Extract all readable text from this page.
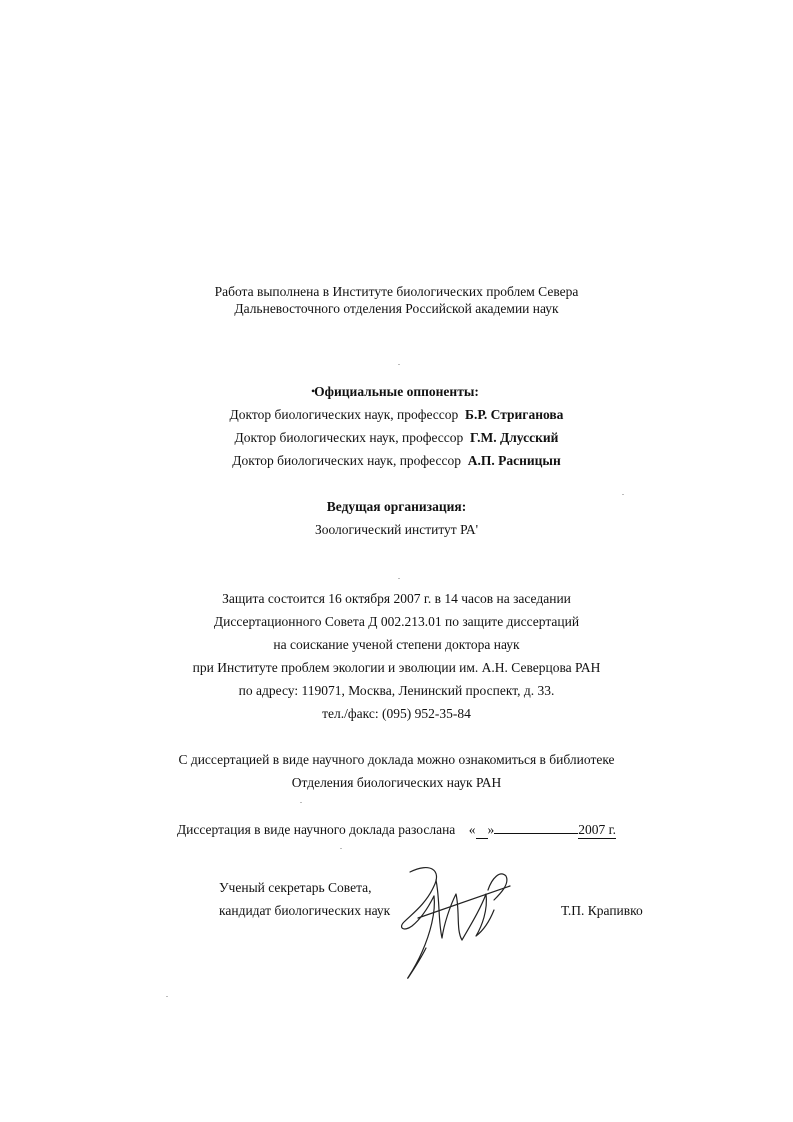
Работа выполнена в Институте биологических проблем Севера
Дальневосточного отделения Российской академии наук
•
Официальные оппоненты:
Доктор биологических наук, профессор Б.Р. Стриганова
Доктор биологических наук, профессор Г.М. Длусский
Доктор биологических наук, профессор А.П. Расницын
Ведущая организация:
Зоологический институт РА'
Защита состоится 16 октября 2007 г. в 14 часов на заседании
Диссертационного Совета Д 002.213.01 по защите диссертаций
на соискание ученой степени доктора наук
при Институте проблем экологии и эволюции им. А.Н. Северцова РАН
по адресу: 119071, Москва, Ленинский проспект, д. 33.
тел./факс: (095) 952-35-84
С диссертацией в виде научного доклада можно ознакомиться в библиотеке
Отделения биологических наук РАН
Диссертация в виде научного доклада разослана « »	2007 г.
Ученый секретарь Совета,
кандидат биологических наук	Т.П. Крапивко
